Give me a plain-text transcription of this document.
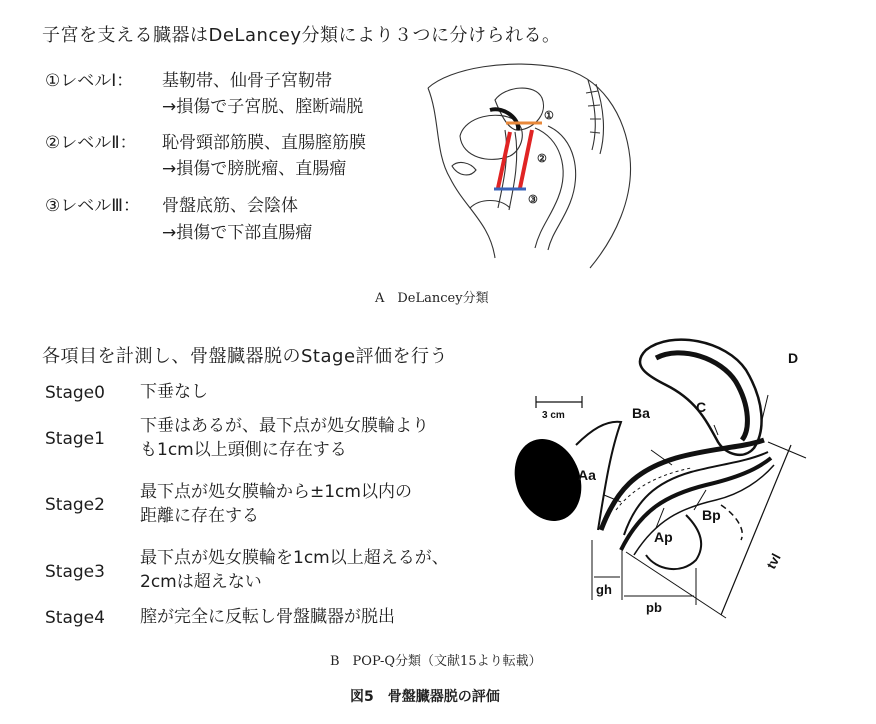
子宮を支える臓器はDeLancey分類により３つに分けられる。
①レベルⅠ： 基靭帯、仙骨子宮靭帯
→損傷で子宮脱、膣断端脱
②レベルⅡ： 恥骨頸部筋膜、直腸膣筋膜
→損傷で膀胱瘤、直腸瘤
③レベルⅢ： 骨盤底筋、会陰体
→損傷で下部直腸瘤
①
②
③
A　DeLancey分類
各項目を計測し、骨盤臓器脱のStage評価を行う
Stage0 下垂なし
Stage1
下垂はあるが、最下点が処女膜輪より
も1cm以上頭側に存在する
Stage2
最下点が処女膜輪から±1cm以内の
距離に存在する
Stage3
最下点が処女膜輪を1cm以上超えるが、
2cmは超えない
Stage4 膣が完全に反転し骨盤臓器が脱出
3 cm
D
C
Ba
Aa
Bp
Ap
gh
pb
tvl
B　POP-Q分類（文献15より転載）
図5　骨盤臓器脱の評価
